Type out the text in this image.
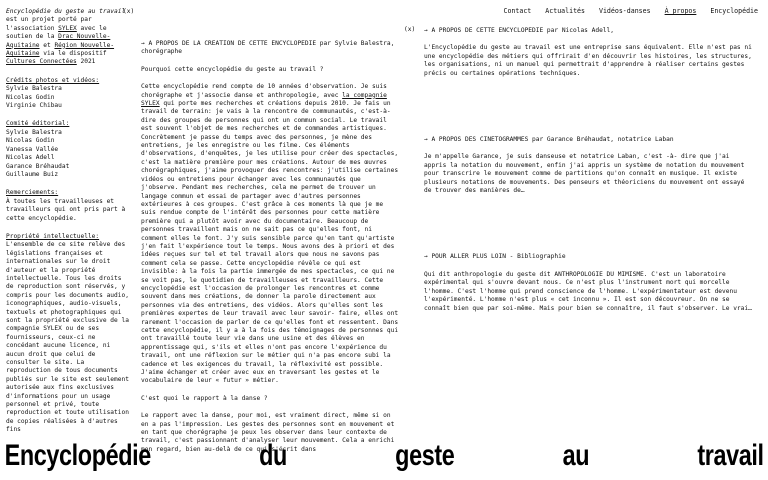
Encyclopédie du geste au travail est un projet porté par l'association SYLEX avec le soutien de la Drac Nouvelle-Aquitaine et Région Nouvelle-Aquitaine via le dispositif Cultures Connectées 2021

Crédits photos et vidéos:

Sylvie Balestra

Nicolas Godin

Virginie Chibau

Comité éditorial:

Sylvie Balestra

Nicolas Godin

Vanessa Vallée

Nicolas Adell

Garance Bréhaudat

Guillaume Buiz

Remerciements:

À toutes les travailleuses et travailleurs qui ont pris part à cette encyclopédie.

Propriété intellectuelle:

L'ensemble de ce site relève des législations françaises et internationales sur le droit d'auteur et la propriété intellectuelle. Tous les droits de reproduction sont réservés, y compris pour les documents audio, iconographiques, audio-visuels, textuels et photographiques qui sont la propriété exclusive de la compagnie SYLEX ou de ses fournisseurs, ceux-ci ne concédant aucune licence, ni aucun droit que celui de consulter le site. La reproduction de tous documents publiés sur le site est seulement autorisée aux fins exclusives d'informations pour un usage personnel et privé, toute reproduction et toute utilisation de copies réalisées à d'autres fins

(x)
(x)
Contact Actualités Vidéos-danses À propos Encyclopédie

→ A PROPOS DE LA CREATION DE CETTE ENCYCLOPEDIE par Sylvie Balestra, chorégraphe

Pourquoi cette encyclopédie du geste au travail ?

Cette encyclopédie rend compte de 10 années d'observation. Je suis chorégraphe et j'associe danse et anthropologie, avec la compagnie SYLEX qui porte mes recherches et créations depuis 2010. Je fais un travail de terrain: je vais à la rencontre de communautés, c'est-à-dire des groupes de personnes qui ont un commun social. Le travail est souvent l'objet de mes recherches et de commandes artistiques. Concrètement je passe du temps avec des personnes, je mène des entretiens, je les enregistre ou les filme. Ces éléments d'observations, d'enquêtes, je les utilise pour créer des spectacles, c'est la matière première pour mes créations. Autour de mes œuvres chorégraphiques, j'aime provoquer des rencontres: j'utilise certaines vidéos ou entretiens pour échanger avec les communautés que j'observe. Pendant mes recherches, cela me permet de trouver un langage commun et essai de partager avec d'autres personnes extérieures à ces groupes. C'est grâce à ces moments là que je me suis rendue compte de l'intérêt des personnes pour cette matière première qui a plutôt avoir avec du documentaire. Beaucoup de personnes travaillent mais on ne sait pas ce qu'elles font, ni comment elles le font. J'y suis sensible parce qu'en tant qu'artiste j'en fait l'expérience tout le temps. Nous avons des à priori et des idées reçues sur tel et tel travail alors que nous ne savons pas comment cela se passe. Cette encyclopédie révèle ce qui est invisible: à la fois la partie immergée de mes spectacles, ce qui ne se voit pas, le quotidien de travailleuses et travailleurs. Cette encyclopédie est l'occasion de prolonger les rencontres et comme souvent dans mes créations, de donner la parole directement aux personnes via des entretiens, des vidéos. Alors qu'elles sont les premières expertes de leur travail avec leur savoir- faire, elles ont rarement l'occasion de parler de ce qu'elles font et ressentent. Dans cette encyclopédie, il y a à la fois des témoignages de personnes qui ont travaillé toute leur vie dans une usine et des élèves en apprentissage qui, s'ils et elles n'ont pas encore l'expérience du travail, ont une réflexion sur le métier qui n'a pas encore subi la cadence et les exigences du travail, la réflexivité est possible. J'aime échanger et créer avec eux en traversant les gestes et le vocabulaire de leur « futur » métier.

C'est quoi le rapport à la danse ?

Le rapport avec la danse, pour moi, est vraiment direct, même si on en a pas l'impression. Les gestes des personnes sont en mouvement et en tant que chorégraphe je peux les observer dans leur contexte de travail, c'est passionnant d'analyser leur mouvement. Cela a enrichi mon regard, bien au-delà de ce qui s'écrit dans

→ A PROPOS DE CETTE ENCYCLOPEDIE par Nicolas Adell,

L'Encyclopédie du geste au travail est une entreprise sans équivalent. Elle n'est pas ni une encyclopédie des métiers qui offrirait d'en découvrir les histoires, les structures, les organisations, ni un manuel qui permettrait d'apprendre à réaliser certains gestes précis ou certaines opérations techniques.

→ A PROPOS DES CINETOGRAMMES par Garance Bréhaudat, notatrice Laban

Je m'appelle Garance, je suis danseuse et notatrice Laban, c'est -à- dire que j'ai appris la notation du mouvement, enfin j'ai appris un système de notation du mouvement pour transcrire le mouvement comme de partitions qu'on connaît en musique. Il existe plusieurs notations de mouvements. Des penseurs et théoriciens du mouvement ont essayé de trouver des manières de…

→ POUR ALLER PLUS LOIN - Bibliographie

Qui dit anthropologie du geste dit ANTHROPOLOGIE DU MIMISME. C'est un laboratoire expérimental qui s'ouvre devant nous. Ce n'est plus l'instrument mort qui morcelle l'homme. C'est l'homme qui prend conscience de l'homme. L'expérimentateur est devenu l'expérimenté. L'homme n'est plus « cet inconnu ». Il est son découvreur. On ne se connaît bien que par soi-même. Mais pour bien se connaître, il faut s'observer. Le vrai…

Encyclopédie	du	geste	au	travail
